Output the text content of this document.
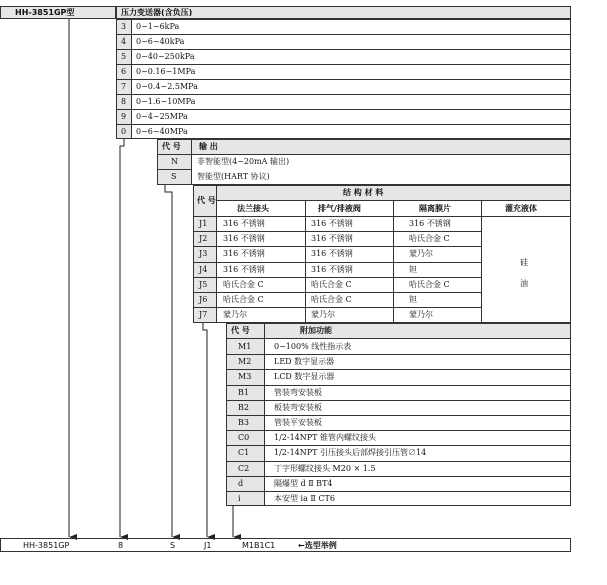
HH-3851GP型	压力变送器(含负压)
3 0~1~6kPa
4 0~6~40kPa
5 0~40~250kPa
6 0~0.16~1MPa
7 0~0.4~2.5MPa
8 0~1.6~10MPa
9 0~4~25MPa
0 0~6~40MPa
代 号 输 出
N 非智能型(4~20mA 输出)
S	智能型(HART 协议)
代 号
结 构 材 料
法兰接头	排气/排液阀	隔离膜片	灌充液体
硅
油
J1 316 不锈钢	316 不锈钢	316 不锈钢
J2 316 不锈钢	316 不锈钢	哈氏合金 C
J3 316 不锈钢	316 不锈钢	蒙乃尔
J4 316 不锈钢	316 不锈钢	钽
J5 哈氏合金 C	哈氏合金 C	哈氏合金 C
J6 哈氏合金 C	哈氏合金 C	钽
J7 蒙乃尔	蒙乃尔	蒙乃尔
代 号	附加功能
M1	0~100% 线性指示表
M2	LED 数字显示器
M3	LCD 数字显示器
B1	管装弯安装板
B2	板装弯安装板
B3	管装平安装板
C0	1/2-14NPT 锥管内螺纹接头
C1	1/2-14NPT 引压接头后部焊接引压管∅14
C2	丁字形螺纹接头 M20 × 1.5
d	隔爆型 d Ⅱ BT4
i	本安型 ia Ⅱ CT6
HH-3851GP	8	S	J1	M1B1C1	←选型举例
